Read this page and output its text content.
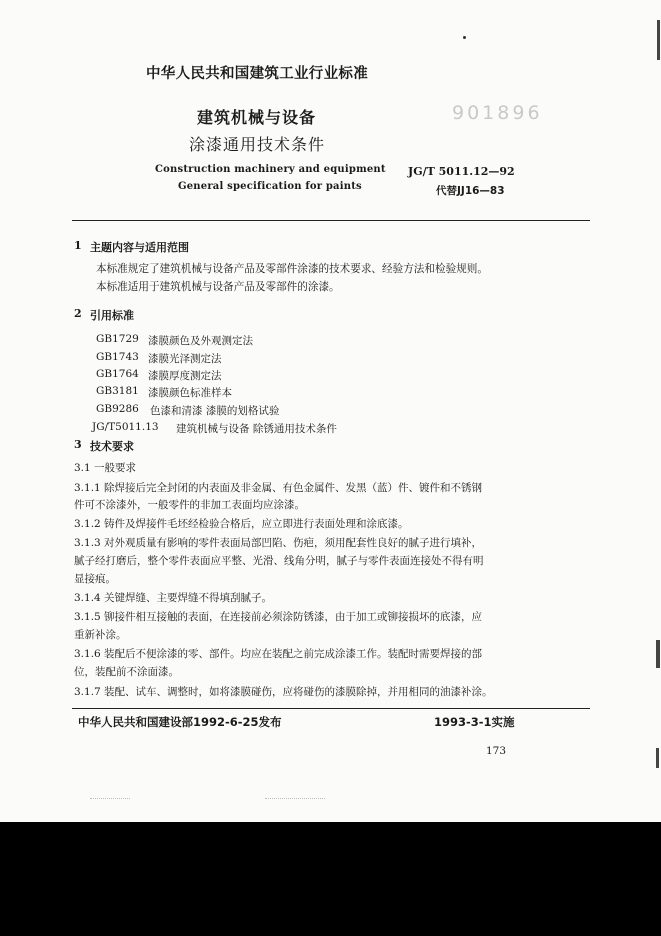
中华人民共和国建筑工业行业标准
建筑机械与设备
涂漆通用技术条件
901896
Construction machinery and equipment
General specification for paints
JG/T 5011.12—92
代替JJ16—83
1 主题内容与适用范围
本标准规定了建筑机械与设备产品及零部件涂漆的技术要求、经验方法和检验规则。
本标准适用于建筑机械与设备产品及零部件的涂漆。
2 引用标准
GB1729 漆膜颜色及外观测定法
GB1743 漆膜光泽测定法
GB1764 漆膜厚度测定法
GB3181 漆膜颜色标准样本
GB9286 色漆和清漆 漆膜的划格试验
JG/T5011.13 建筑机械与设备 除锈通用技术条件
3 技术要求
3.1 一般要求
3.1.1 除焊接后完全封闭的内表面及非金属、有色金属件、发黑（蓝）件、镀件和不锈钢
件可不涂漆外，一般零件的非加工表面均应涂漆。
3.1.2 铸件及焊接件毛坯经检验合格后，应立即进行表面处理和涂底漆。
3.1.3 对外观质量有影响的零件表面局部凹陷、伤疤，须用配套性良好的腻子进行填补，
腻子经打磨后，整个零件表面应平整、光滑、线角分明，腻子与零件表面连接处不得有明
显接痕。
3.1.4 关键焊缝、主要焊缝不得填刮腻子。
3.1.5 铆接件相互接触的表面，在连接前必须涂防锈漆，由于加工或铆接损坏的底漆，应
重新补涂。
3.1.6 装配后不便涂漆的零、部件。均应在装配之前完成涂漆工作。装配时需要焊接的部
位，装配前不涂面漆。
3.1.7 装配、试车、调整时，如将漆膜碰伤，应将碰伤的漆膜除掉，并用相同的油漆补涂。
中华人民共和国建设部1992-6-25发布	1993-3-1实施
173
